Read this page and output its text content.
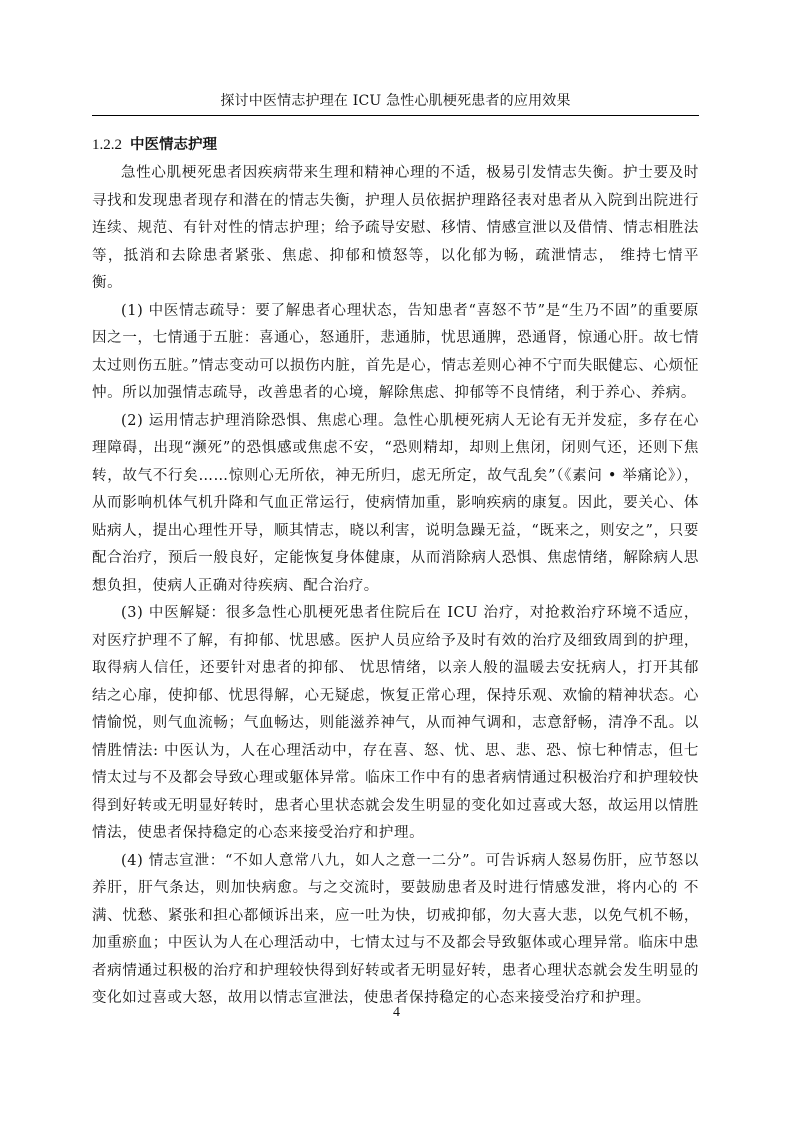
探讨中医情志护理在 ICU 急性心肌梗死患者的应用效果
1.2.2 中医情志护理

急性心肌梗死患者因疾病带来生理和精神心理的不适，极易引发情志失衡。护士要及时寻找和发现患者现存和潜在的情志失衡，护理人员依据护理路径表对患者从入院到出院进行连续、规范、有针对性的情志护理；给予疏导安慰、移情、情感宣泄以及借情、情志相胜法等，抵消和去除患者紧张、焦虑、抑郁和愤怒等，以化郁为畅，疏泄情志， 维持七情平衡。

(1) 中医情志疏导：要了解患者心理状态，告知患者“喜怒不节”是“生乃不固”的重要原因之一，七情通于五脏：喜通心，怒通肝，悲通肺，忧思通脾，恐通肾，惊通心肝。故七情太过则伤五脏。”情志变动可以损伤内脏，首先是心，情志差则心神不宁而失眠健忘、心烦怔忡。所以加强情志疏导，改善患者的心境，解除焦虑、抑郁等不良情绪，利于养心、养病。

(2) 运用情志护理消除恐惧、焦虑心理。急性心肌梗死病人无论有无并发症，多存在心理障碍，出现“濒死”的恐惧感或焦虑不安，“恐则精却，却则上焦闭，闭则气还，还则下焦转，故气不行矣……惊则心无所依，神无所归，虑无所定，故气乱矣”（《素问 • 举痛论》），从而影响机体气机升降和气血正常运行，使病情加重，影响疾病的康复。因此，要关心、体贴病人，提出心理性开导，顺其情志，晓以利害，说明急躁无益，“既来之，则安之”，只要配合治疗，预后一般良好，定能恢复身体健康，从而消除病人恐惧、焦虑情绪，解除病人思想负担，使病人正确对待疾病、配合治疗。

(3) 中医解疑：很多急性心肌梗死患者住院后在 ICU 治疗，对抢救治疗环境不适应，对医疗护理不了解，有抑郁、忧思感。医护人员应给予及时有效的治疗及细致周到的护理，取得病人信任，还要针对患者的抑郁、 忧思情绪，以亲人般的温暖去安抚病人，打开其郁结之心扉，使抑郁、忧思得解，心无疑虑，恢复正常心理，保持乐观、欢愉的精神状态。心情愉悦，则气血流畅；气血畅达，则能滋养神气，从而神气调和，志意舒畅，清净不乱。以情胜情法: 中医认为，人在心理活动中，存在喜、怒、忧、思、悲、恐、惊七种情志，但七情太过与不及都会导致心理或躯体异常。临床工作中有的患者病情通过积极治疗和护理较快得到好转或无明显好转时，患者心里状态就会发生明显的变化如过喜或大怒，故运用以情胜情法，使患者保持稳定的心态来接受治疗和护理。

(4) 情志宣泄：“不如人意常八九，如人之意一二分”。可告诉病人怒易伤肝，应节怒以养肝，肝气条达，则加快病愈。与之交流时，要鼓励患者及时进行情感发泄，将内心的 不满、忧愁、紧张和担心都倾诉出来，应一吐为快，切戒抑郁，勿大喜大悲，以免气机不畅，加重瘀血；中医认为人在心理活动中，七情太过与不及都会导致躯体或心理异常。临床中患者病情通过积极的治疗和护理较快得到好转或者无明显好转，患者心理状态就会发生明显的变化如过喜或大怒，故用以情志宣泄法，使患者保持稳定的心态来接受治疗和护理。

4
